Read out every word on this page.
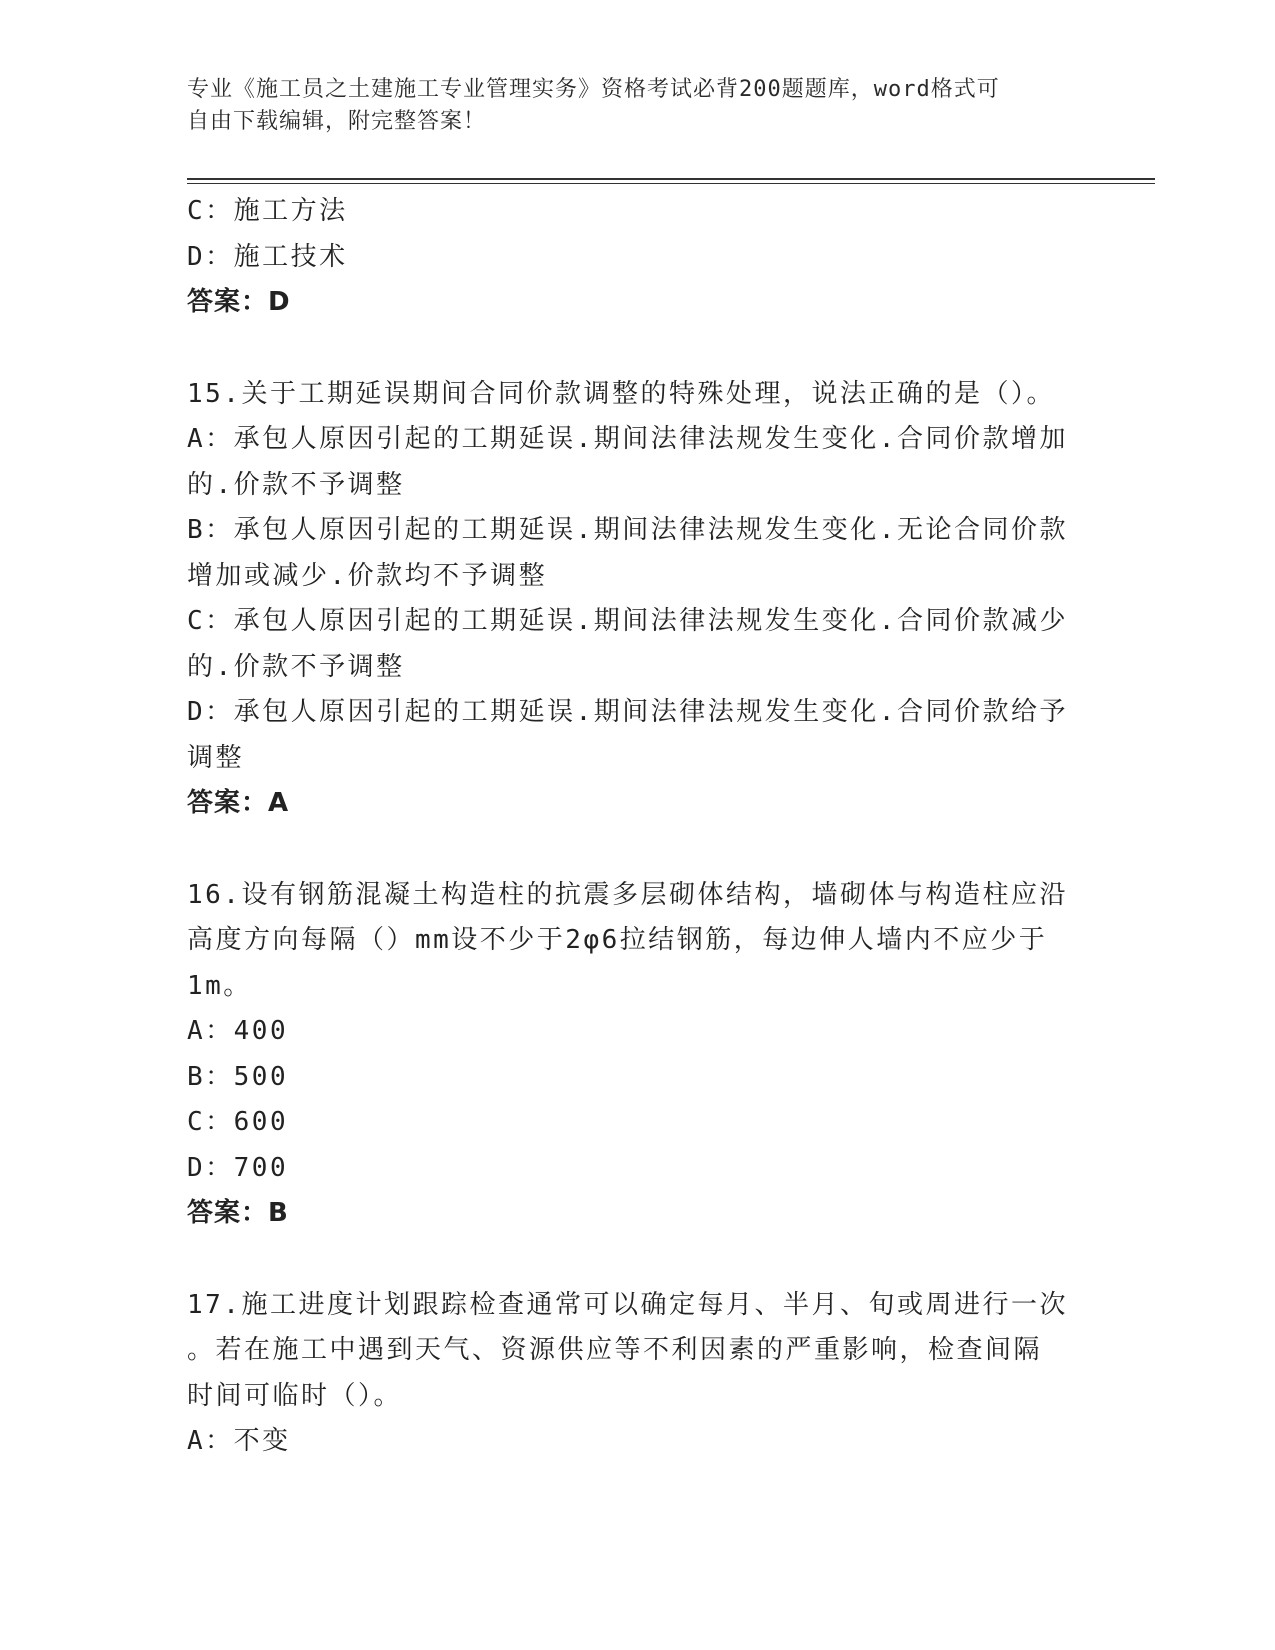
专业《施工员之土建施工专业管理实务》资格考试必背200题题库，word格式可
自由下载编辑，附完整答案！
C：施工方法
D：施工技术
答案：D
15.关于工期延误期间合同价款调整的特殊处理，说法正确的是（）。
A：承包人原因引起的工期延误.期间法律法规发生变化.合同价款增加
的.价款不予调整
B：承包人原因引起的工期延误.期间法律法规发生变化.无论合同价款
增加或减少.价款均不予调整
C：承包人原因引起的工期延误.期间法律法规发生变化.合同价款减少
的.价款不予调整
D：承包人原因引起的工期延误.期间法律法规发生变化.合同价款给予
调整
答案：A
16.设有钢筋混凝土构造柱的抗震多层砌体结构，墙砌体与构造柱应沿
高度方向每隔（）mm设不少于2φ6拉结钢筋，每边伸人墙内不应少于
1m。
A：400
B：500
C：600
D：700
答案：B
17.施工进度计划跟踪检查通常可以确定每月、半月、旬或周进行一次
。若在施工中遇到天气、资源供应等不利因素的严重影响，检查间隔
时间可临时（）。
A：不变
